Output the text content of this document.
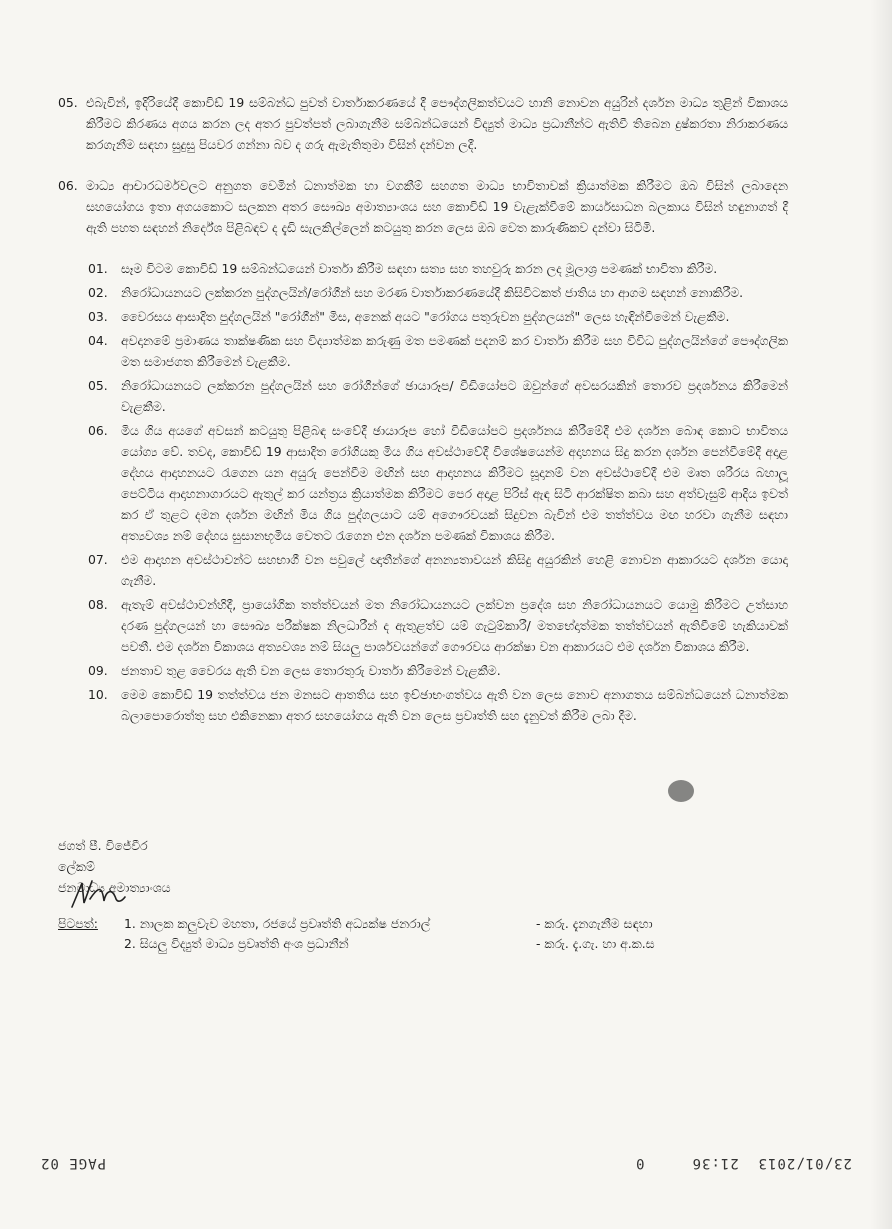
05. එබැවින්, ඉදිරියේදී කොවිඩ් 19 සම්බන්ධ පුවත් වාර්තාකරණයේ දී පෞද්ගලිකත්වයට හානි නොවන අයුරින් දර්ශන මාධ්‍ය තුළින් විකාශය කිරීමට කිරණය අගය කරන ලද අතර පුවත්පත් ලබාගැනීම සම්බන්ධයෙන් විද්‍යුත් මාධ්‍ය ප්‍රධානීන්ට ඇතිවී තිබෙන දුෂ්කරතා නිරාකරණය කරගැනීම සඳහා සුදුසු පියවර ගන්නා බව ද ගරු ඇමැතිතුමා විසින් දන්වන ලදී.
06. මාධ්‍ය ආචාරධර්මවලට අනුගත වෙමින් ධනාත්මක හා වගකීම් සහගත මාධ්‍ය භාවිතාවක් ක්‍රියාත්මක කිරීමට ඔබ විසින් ලබාදෙන සහයෝගය ඉතා අගයකොට සලකන අතර සෞඛ්‍ය අමාත්‍යාංශය සහ කොවිඩ් 19 වැළැක්වීමේ කාර්යසාධන බලකාය විසින් හඳුනාගත් දී ඇති පහත සඳහන් නිර්දේශ පිළිබඳව ද දැඩි සැලකිල්ලෙන් කටයුතු කරන ලෙස ඔබ වෙත කාරුණිකව දන්වා සිටිමි.
01.	සෑම විටම කොවිඩ් 19 සම්බන්ධයෙන් වාර්තා කිරීම සඳහා සත්‍ය සහ තහවුරු කරන ලද මූලාශ්‍ර පමණක් භාවිතා කිරීම.
02.	නිරෝධායනයට ලක්කරන පුද්ගලයින්/රෝගීන් සහ මරණ වාර්තාකරණයේදී කිසිවිටකත් ජාතිය හා ආගම සඳහන් නොකිරීම.
03.	වෛරසය ආසාදිත පුද්ගලයින් "රෝගීන්" මිස, අනෙක් අයට "රෝගය පතුරුවන පුද්ගලයන්" ලෙස හැඳින්වීමෙන් වැළකීම.
04.	අවදානමේ ප්‍රමාණය තාක්ෂණික සහ විද්‍යාත්මක කරුණු මත පමණක් පදනම් කර වාර්තා කිරීම සහ විවිධ පුද්ගලයින්ගේ පෞද්ගලික මත සමාජගත කිරීමෙන් වැළකීම.
05.	නිරෝධායනයට ලක්කරන පුද්ගලයින් සහ රෝගීන්ගේ ඡායාරූප/ වීඩියෝපට ඔවුන්ගේ අවසරයකින් තොරව ප්‍රදර්ශනය කිරීමෙන් වැළකීම.
06.	මිය ගිය අයගේ අවසන් කටයුතු පිළිබඳ සංවේදී ඡායාරූප හෝ වීඩියෝපට ප්‍රදර්ශනය කිරීමේදී එම දර්ශන බොඳ කොට භාවිතය යෝග්‍ය වේ. තවද, කොවිඩ් 19 ආසාදිත රෝගියකු මිය ගිය අවස්ථාවේදී විශේෂයෙන්ම අදාහනය සිදු කරන දර්ශන පෙන්වීමේදී අදාළ දේහය ආදාහනයට රැගෙන යන අයුරු පෙන්වීම මඟින් සහ ආදාහනය කිරීමට සූදානම් වන අවස්ථාවේදී එම මෘත ශරීරය බහාලූ පෙට්ටිය ආදාහනාගාරයට ඇතුල් කර යන්ත්‍රය ක්‍රියාත්මක කිරීමට පෙර අදාළ පිරිස් ඇඳ සිටි ආරක්ෂිත කබා සහ අත්වැසුම් ආදිය ඉවත් කර ඒ තුළට දමන දර්ශන මඟින් මිය ගිය පුද්ගලයාට යම් අගෞරවයක් සිදුවන බැවින් එම තත්ත්වය මඟ හරවා ගැනීම සඳහා අත්‍යවශ්‍ය නම් දේහය සුසානභූමිය වෙතට රැගෙන එන දර්ශන පමණක් විකාශය කිරීම.
07.	එම ආදාහන අවස්ථාවන්ට සහභාගී වන පවුලේ ඥාතීන්ගේ අනන්‍යතාවයන් කිසිදු අයුරකින් හෙළි නොවන ආකාරයට දර්ශන යොදා ගැනීම.
08.	ඇතැම් අවස්ථාවන්හිදී, ප්‍රායෝගික තත්ත්වයන් මත නිරෝධායනයට ලක්වන ප්‍රදේශ සහ නිරෝධායනයට යොමු කිරීමට උත්සාහ දරණ පුද්ගලයන් හා සෞඛ්‍ය පරීක්ෂක නිලධාරීන් ද ඇතුළත්ව යම් ගැටුම්කාරී/ මතභේදාත්මක තත්ත්වයන් ඇතිවීමේ හැකියාවක් පවතී. එම දර්ශන විකාශය අත්‍යවශ්‍ය නම් සියලු පාර්ශවයන්ගේ ගෞරවය ආරක්ෂා වන ආකාරයට එම දර්ශන විකාශය කිරීම.
09.	ජනතාව තුළ වෛරය ඇති වන ලෙස තොරතුරු වාර්තා කිරීමෙන් වැළකීම.
10.	මෙම කොවිඩ් 19 තත්ත්වය ජන මනසට ආතතිය සහ ඉච්ඡාභංගත්වය ඇති වන ලෙස නොව අනාගතය සම්බන්ධයෙන් ධනාත්මක බලාපොරොත්තු සහ එකිනෙකා අතර සහයෝගය ඇති වන ලෙස ප්‍රවෘත්ති සහ දැනුවත් කිරීම ලබා දීම.
ජගත් පී. විජේවීර
ලේකම්
ජනමාධ්‍ය අමාත්‍යාංශය
පිටපත්: 1. නාලක කලුවැව මහතා, රජයේ ප්‍රවෘත්ති අධ්‍යක්ෂ ජනරාල්	- කරු. දැනගැනීම සඳහා
2. සියලු විද්‍යුත් මාධ්‍ය ප්‍රවෘත්ති අංශ ප්‍රධානීන්	- කරු. දැ.ගැ. හා අ.ක.ස
PAGE 02	23/01/2013  21:36     0
